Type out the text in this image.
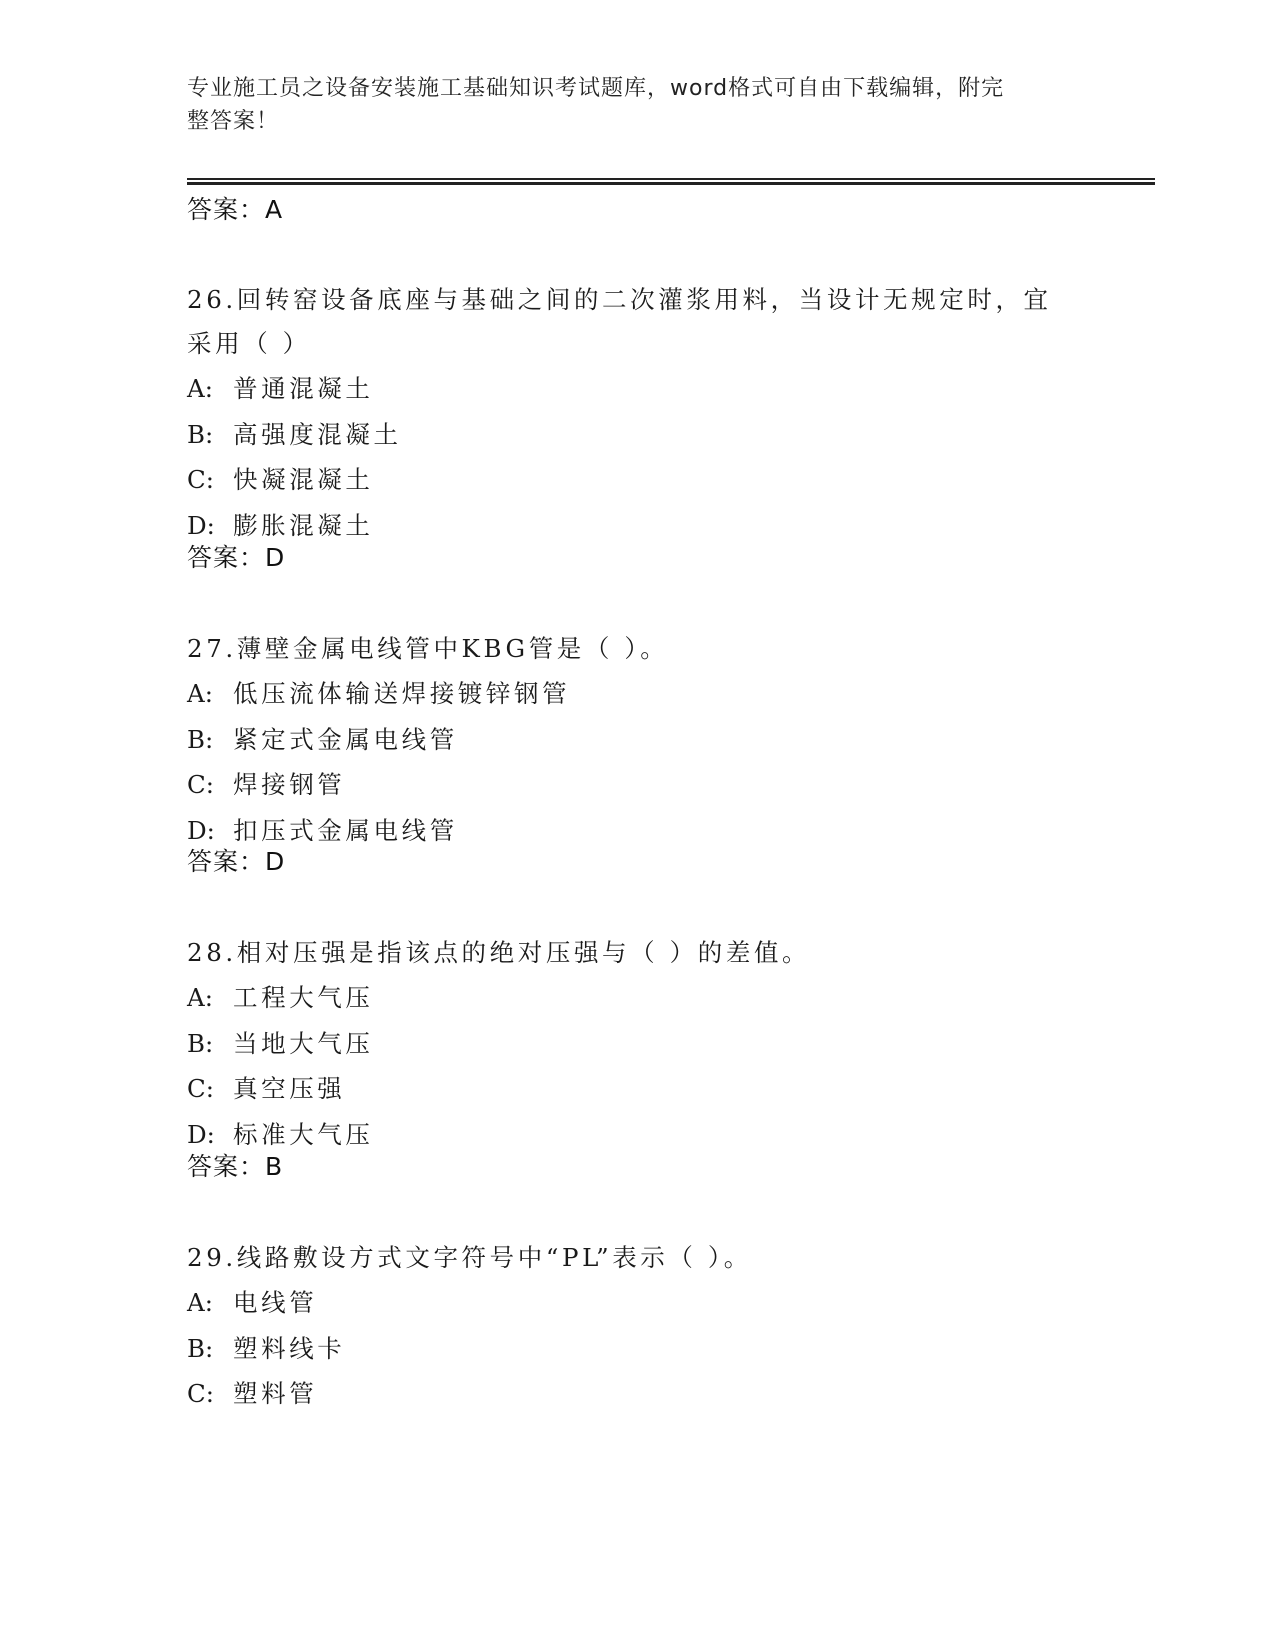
专业施工员之设备安装施工基础知识考试题库，word格式可自由下载编辑，附完
整答案！
答案：A
26.回转窑设备底座与基础之间的二次灌浆用料，当设计无规定时，宜
采用（ ）
A: 普通混凝土
B: 高强度混凝土
C: 快凝混凝土
D: 膨胀混凝土
答案：D
27.薄壁金属电线管中KBG管是（ ）。
A: 低压流体输送焊接镀锌钢管
B: 紧定式金属电线管
C: 焊接钢管
D: 扣压式金属电线管
答案：D
28.相对压强是指该点的绝对压强与（ ）的差值。
A: 工程大气压
B: 当地大气压
C: 真空压强
D: 标准大气压
答案：B
29.线路敷设方式文字符号中“PL”表示（ ）。
A: 电线管
B: 塑料线卡
C: 塑料管
